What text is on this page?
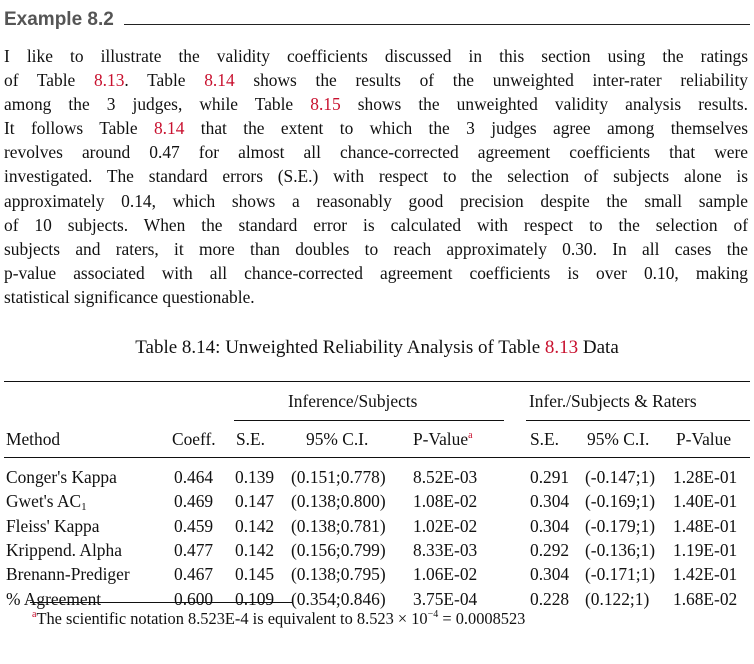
Example 8.2
I like to illustrate the validity coefficients discussed in this section using the ratings
of Table 8.13. Table 8.14 shows the results of the unweighted inter-rater reliability
among the 3 judges, while Table 8.15 shows the unweighted validity analysis results.
It follows Table 8.14 that the extent to which the 3 judges agree among themselves
revolves around 0.47 for almost all chance-corrected agreement coefficients that were
investigated. The standard errors (S.E.) with respect to the selection of subjects alone is
approximately 0.14, which shows a reasonably good precision despite the small sample
of 10 subjects. When the standard error is calculated with respect to the selection of
subjects and raters, it more than doubles to reach approximately 0.30. In all cases the
p-value associated with all chance-corrected agreement coefficients is over 0.10, making
statistical significance questionable.
Table 8.14: Unweighted Reliability Analysis of Table 8.13 Data
Inference/Subjects	Infer./Subjects & Raters
Method	Coeff. S.E. 95% C.I.	P-Value$^a$	S.E. 95% C.I. P-Value
Conger's Kappa	0.464 0.139 (0.151;0.778) 8.52E-03	0.291 (-0.147;1) 1.28E-01
Gwet's $AC_1$	0.469 0.147 (0.138;0.800) 1.08E-02	0.304 (-0.169;1) 1.40E-01
Fleiss' Kappa	0.459 0.142 (0.138;0.781) 1.02E-02	0.304 (-0.179;1) 1.48E-01
Krippend. Alpha	0.477 0.142 (0.156;0.799) 8.33E-03	0.292 (-0.136;1) 1.19E-01
Brenann-Prediger	0.467 0.145 (0.138;0.795) 1.06E-02	0.304 (-0.171;1) 1.42E-01
% Agreement	0.600 0.109 (0.354;0.846) 3.75E-04	0.228 (0.122;1) 1.68E-02
$^a$The scientific notation 8.523E-4 is equivalent to $8.523 \times 10^{-4} = 0.0008523$
